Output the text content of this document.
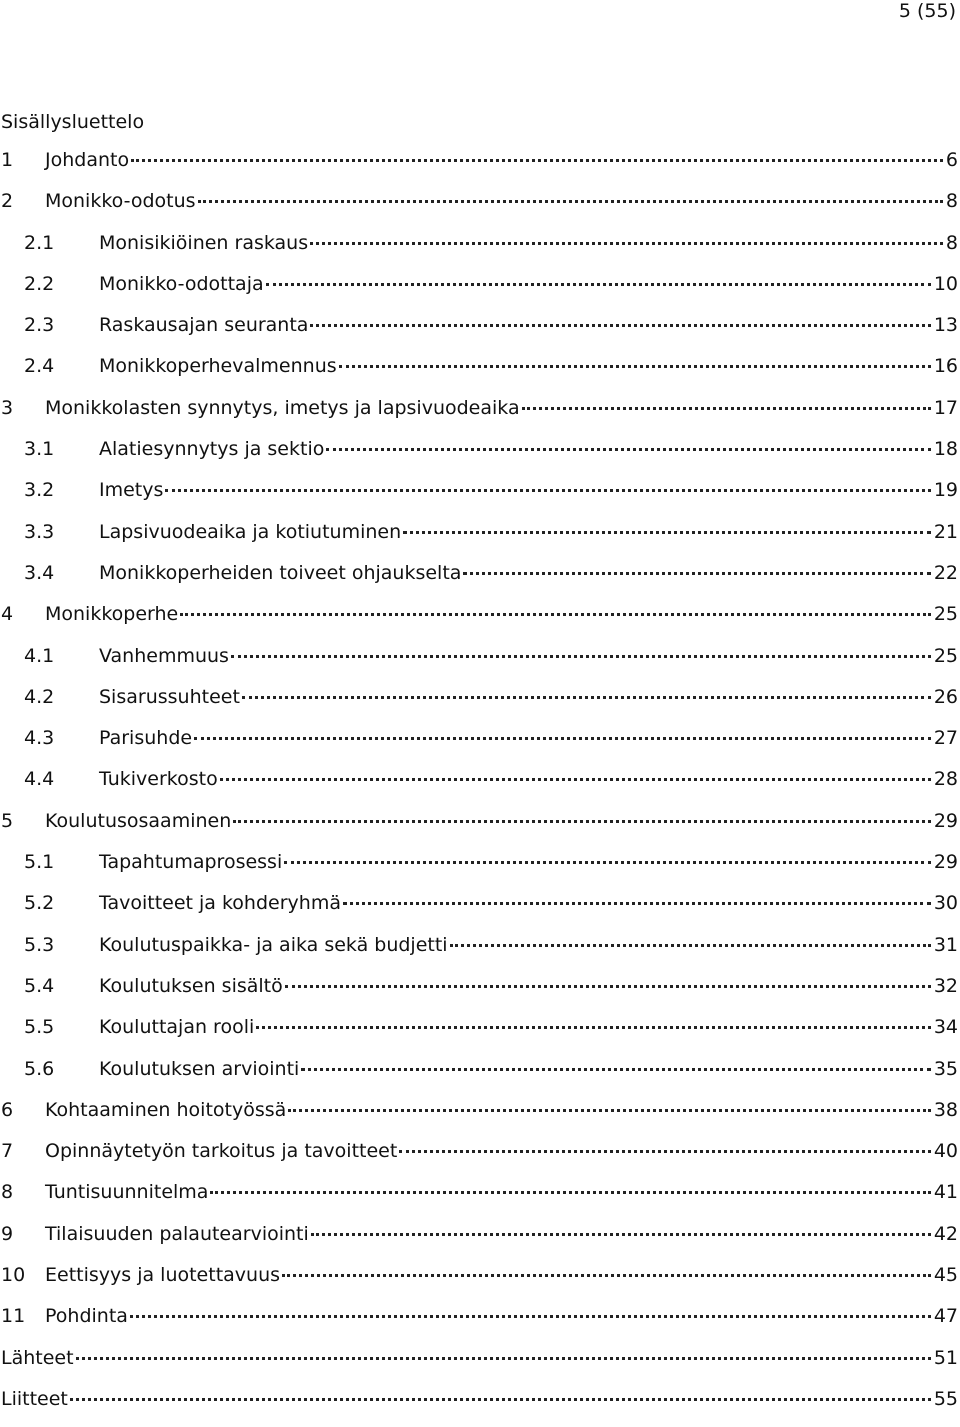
5 (55)
Sisällysluettelo
1	Johdanto	6
2	Monikko-odotus	8
2.1	Monisikiöinen raskaus	8
2.2	Monikko-odottaja	10
2.3	Raskausajan seuranta	13
2.4	Monikkoperhevalmennus	16
3	Monikkolasten synnytys, imetys ja lapsivuodeaika	17
3.1	Alatiesynnytys ja sektio	18
3.2	Imetys	19
3.3	Lapsivuodeaika ja kotiutuminen	21
3.4	Monikkoperheiden toiveet ohjaukselta	22
4	Monikkoperhe	25
4.1	Vanhemmuus	25
4.2	Sisarussuhteet	26
4.3	Parisuhde	27
4.4	Tukiverkosto	28
5	Koulutusosaaminen	29
5.1	Tapahtumaprosessi	29
5.2	Tavoitteet ja kohderyhmä	30
5.3	Koulutuspaikka- ja aika sekä budjetti	31
5.4	Koulutuksen sisältö	32
5.5	Kouluttajan rooli	34
5.6	Koulutuksen arviointi	35
6	Kohtaaminen hoitotyössä	38
7	Opinnäytetyön tarkoitus ja tavoitteet	40
8	Tuntisuunnitelma	41
9	Tilaisuuden palautearviointi	42
10	Eettisyys ja luotettavuus	45
11	Pohdinta	47
Lähteet	51
Liitteet	55
